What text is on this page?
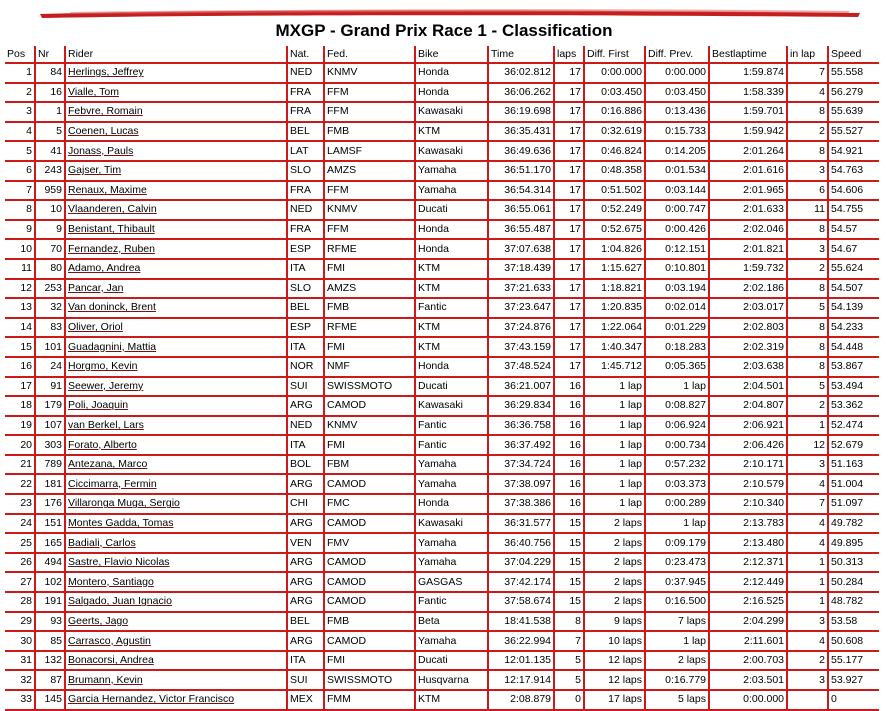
MXGP - Grand Prix Race 1 - Classification
Pos	Nr	Rider	Nat.	Fed.	Bike	Time	laps	Diff. First	Diff. Prev.	Bestlaptime	in lap	Speed
1	84	Herlings, Jeffrey	NED	KNMV	Honda	36:02.812	17	0:00.000	0:00.000	1:59.874	7	55.558
2	16	Vialle, Tom	FRA	FFM	Honda	36:06.262	17	0:03.450	0:03.450	1:58.339	4	56.279
3	1	Febvre, Romain	FRA	FFM	Kawasaki	36:19.698	17	0:16.886	0:13.436	1:59.701	8	55.639
4	5	Coenen, Lucas	BEL	FMB	KTM	36:35.431	17	0:32.619	0:15.733	1:59.942	2	55.527
5	41	Jonass, Pauls	LAT	LAMSF	Kawasaki	36:49.636	17	0:46.824	0:14.205	2:01.264	8	54.921
6	243	Gajser, Tim	SLO	AMZS	Yamaha	36:51.170	17	0:48.358	0:01.534	2:01.616	3	54.763
7	959	Renaux, Maxime	FRA	FFM	Yamaha	36:54.314	17	0:51.502	0:03.144	2:01.965	6	54.606
8	10	Vlaanderen, Calvin	NED	KNMV	Ducati	36:55.061	17	0:52.249	0:00.747	2:01.633	11	54.755
9	9	Benistant, Thibault	FRA	FFM	Honda	36:55.487	17	0:52.675	0:00.426	2:02.046	8	54.57
10	70	Fernandez, Ruben	ESP	RFME	Honda	37:07.638	17	1:04.826	0:12.151	2:01.821	3	54.67
11	80	Adamo, Andrea	ITA	FMI	KTM	37:18.439	17	1:15.627	0:10.801	1:59.732	2	55.624
12	253	Pancar, Jan	SLO	AMZS	KTM	37:21.633	17	1:18.821	0:03.194	2:02.186	8	54.507
13	32	Van doninck, Brent	BEL	FMB	Fantic	37:23.647	17	1:20.835	0:02.014	2:03.017	5	54.139
14	83	Oliver, Oriol	ESP	RFME	KTM	37:24.876	17	1:22.064	0:01.229	2:02.803	8	54.233
15	101	Guadagnini, Mattia	ITA	FMI	KTM	37:43.159	17	1:40.347	0:18.283	2:02.319	8	54.448
16	24	Horgmo, Kevin	NOR	NMF	Honda	37:48.524	17	1:45.712	0:05.365	2:03.638	8	53.867
17	91	Seewer, Jeremy	SUI	SWISSMOTO	Ducati	36:21.007	16	1 lap	1 lap	2:04.501	5	53.494
18	179	Poli, Joaquin	ARG	CAMOD	Kawasaki	36:29.834	16	1 lap	0:08.827	2:04.807	2	53.362
19	107	van Berkel, Lars	NED	KNMV	Fantic	36:36.758	16	1 lap	0:06.924	2:06.921	1	52.474
20	303	Forato, Alberto	ITA	FMI	Fantic	36:37.492	16	1 lap	0:00.734	2:06.426	12	52.679
21	789	Antezana, Marco	BOL	FBM	Yamaha	37:34.724	16	1 lap	0:57.232	2:10.171	3	51.163
22	181	Ciccimarra, Fermin	ARG	CAMOD	Yamaha	37:38.097	16	1 lap	0:03.373	2:10.579	4	51.004
23	176	Villaronga Muga, Sergio	CHI	FMC	Honda	37:38.386	16	1 lap	0:00.289	2:10.340	7	51.097
24	151	Montes Gadda, Tomas	ARG	CAMOD	Kawasaki	36:31.577	15	2 laps	1 lap	2:13.783	4	49.782
25	165	Badiali, Carlos	VEN	FMV	Yamaha	36:40.756	15	2 laps	0:09.179	2:13.480	4	49.895
26	494	Sastre, Flavio Nicolas	ARG	CAMOD	Yamaha	37:04.229	15	2 laps	0:23.473	2:12.371	1	50.313
27	102	Montero, Santiago	ARG	CAMOD	GASGAS	37:42.174	15	2 laps	0:37.945	2:12.449	1	50.284
28	191	Salgado, Juan Ignacio	ARG	CAMOD	Fantic	37:58.674	15	2 laps	0:16.500	2:16.525	1	48.782
29	93	Geerts, Jago	BEL	FMB	Beta	18:41.538	8	9 laps	7 laps	2:04.299	3	53.58
30	85	Carrasco, Agustin	ARG	CAMOD	Yamaha	36:22.994	7	10 laps	1 lap	2:11.601	4	50.608
31	132	Bonacorsi, Andrea	ITA	FMI	Ducati	12:01.135	5	12 laps	2 laps	2:00.703	2	55.177
32	87	Brumann, Kevin	SUI	SWISSMOTO	Husqvarna	12:17.914	5	12 laps	0:16.779	2:03.501	3	53.927
33	145	Garcia Hernandez, Victor Francisco	MEX	FMM	KTM	2:08.879	0	17 laps	5 laps	0:00.000		0
